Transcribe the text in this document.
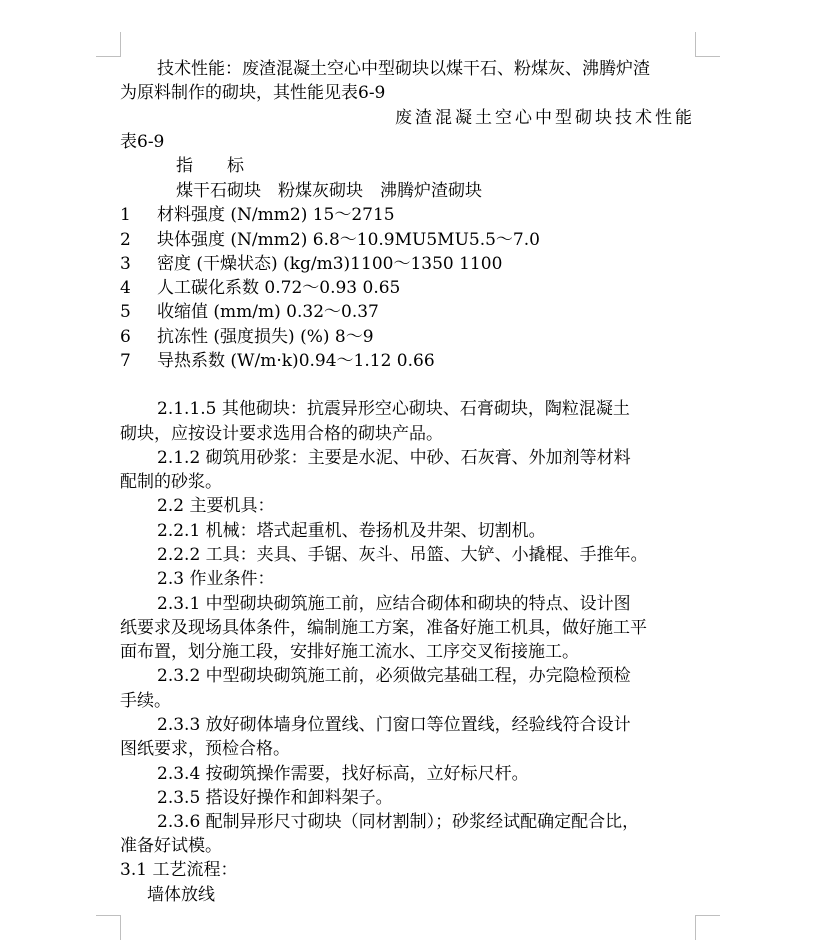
技术性能：废渣混凝土空心中型砌块以煤干石、粉煤灰、沸腾炉渣
为原料制作的砌块，其性能见表6-9
废渣混凝土空心中型砌块技术性能
表6-9
指　　标
煤干石砌块　粉煤灰砌块　沸腾炉渣砌块
1 材料强度 (N/mm2) 15～2715
2 块体强度 (N/mm2) 6.8～10.9MU5MU5.5～7.0
3 密度 (干燥状态) (kg/m3)1100～1350 1100
4 人工碳化系数 0.72～0.93 0.65
5 收缩值 (mm/m) 0.32～0.37
6 抗冻性 (强度损失) (%) 8～9
7 导热系数 (W/m·k)0.94～1.12 0.66
2.1.1.5 其他砌块：抗震异形空心砌块、石膏砌块，陶粒混凝土
砌块，应按设计要求选用合格的砌块产品。
2.1.2 砌筑用砂浆：主要是水泥、中砂、石灰膏、外加剂等材料
配制的砂浆。
2.2 主要机具：
2.2.1 机械：塔式起重机、卷扬机及井架、切割机。
2.2.2 工具：夹具、手锯、灰斗、吊篮、大铲、小撬棍、手推年。
2.3 作业条件：
2.3.1 中型砌块砌筑施工前，应结合砌体和砌块的特点、设计图
纸要求及现场具体条件，编制施工方案，准备好施工机具，做好施工平
面布置，划分施工段，安排好施工流水、工序交叉衔接施工。
2.3.2 中型砌块砌筑施工前，必须做完基础工程，办完隐检预检
手续。
2.3.3 放好砌体墙身位置线、门窗口等位置线，经验线符合设计
图纸要求，预检合格。
2.3.4 按砌筑操作需要，找好标高，立好标尺杆。
2.3.5 搭设好操作和卸料架子。
2.3.6 配制异形尺寸砌块（同材割制）；砂浆经试配确定配合比，
准备好试模。
3.1 工艺流程：
墙体放线
